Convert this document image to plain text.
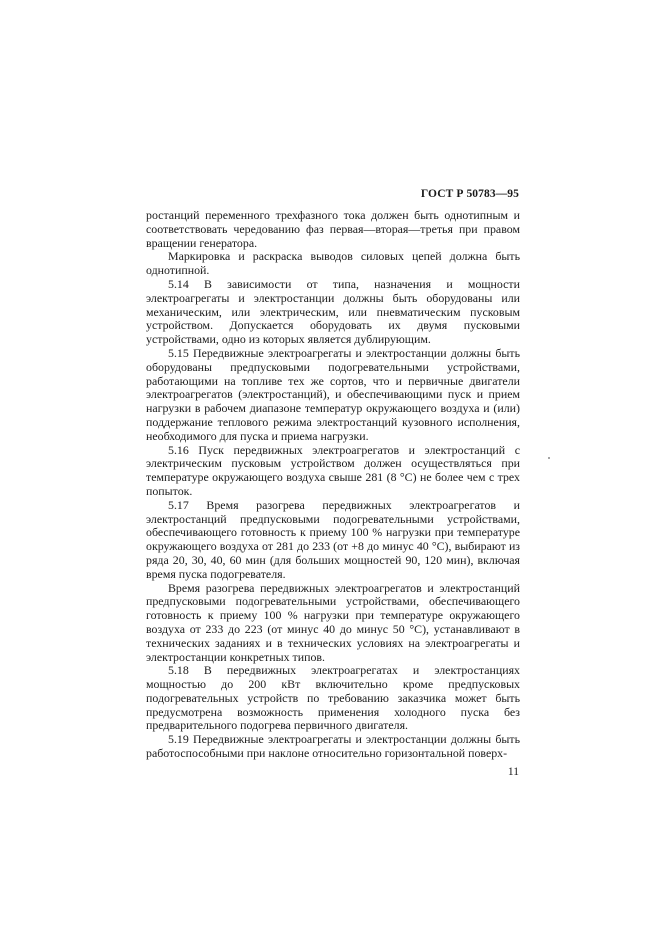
ГОСТ Р 50783—95

ростанций переменного трехфазного тока должен быть однотипным и соответствовать чередованию фаз первая—вторая—третья при правом вращении генератора.

Маркировка и раскраска выводов силовых цепей должна быть однотипной.

5.14 В зависимости от типа, назначения и мощности электроагрегаты и электростанции должны быть оборудованы или механическим, или электрическим, или пневматическим пусковым устройством. Допускается оборудовать их двумя пусковыми устройствами, одно из которых является дублирующим.

5.15 Передвижные электроагрегаты и электростанции должны быть оборудованы предпусковыми подогревательными устройствами, работающими на топливе тех же сортов, что и первичные двигатели электроагрегатов (электростанций), и обеспечивающими пуск и прием нагрузки в рабочем диапазоне температур окружающего воздуха и (или) поддержание теплового режима электростанций кузовного исполнения, необходимого для пуска и приема нагрузки.

5.16 Пуск передвижных электроагрегатов и электростанций с электрическим пусковым устройством должен осуществляться при температуре окружающего воздуха свыше 281 (8 °С) не более чем с трех попыток.

5.17 Время разогрева передвижных электроагрегатов и электростанций предпусковыми подогревательными устройствами, обеспечивающего готовность к приему 100 % нагрузки при температуре окружающего воздуха от 281 до 233 (от +8 до минус 40 °С), выбирают из ряда 20, 30, 40, 60 мин (для больших мощностей 90, 120 мин), включая время пуска подогревателя.

Время разогрева передвижных электроагрегатов и электростанций предпусковыми подогревательными устройствами, обеспечивающего готовность к приему 100 % нагрузки при температуре окружающего воздуха от 233 до 223 (от минус 40 до минус 50 °С), устанавливают в технических заданиях и в технических условиях на электроагрегаты и электростанции конкретных типов.

5.18 В передвижных электроагрегатах и электростанциях мощностью до 200 кВт включительно кроме предпусковых подогревательных устройств по требованию заказчика может быть предусмотрена возможность применения холодного пуска без предварительного подогрева первичного двигателя.

5.19 Передвижные электроагрегаты и электростанции должны быть работоспособными при наклоне относительно горизонтальной поверх-

11
